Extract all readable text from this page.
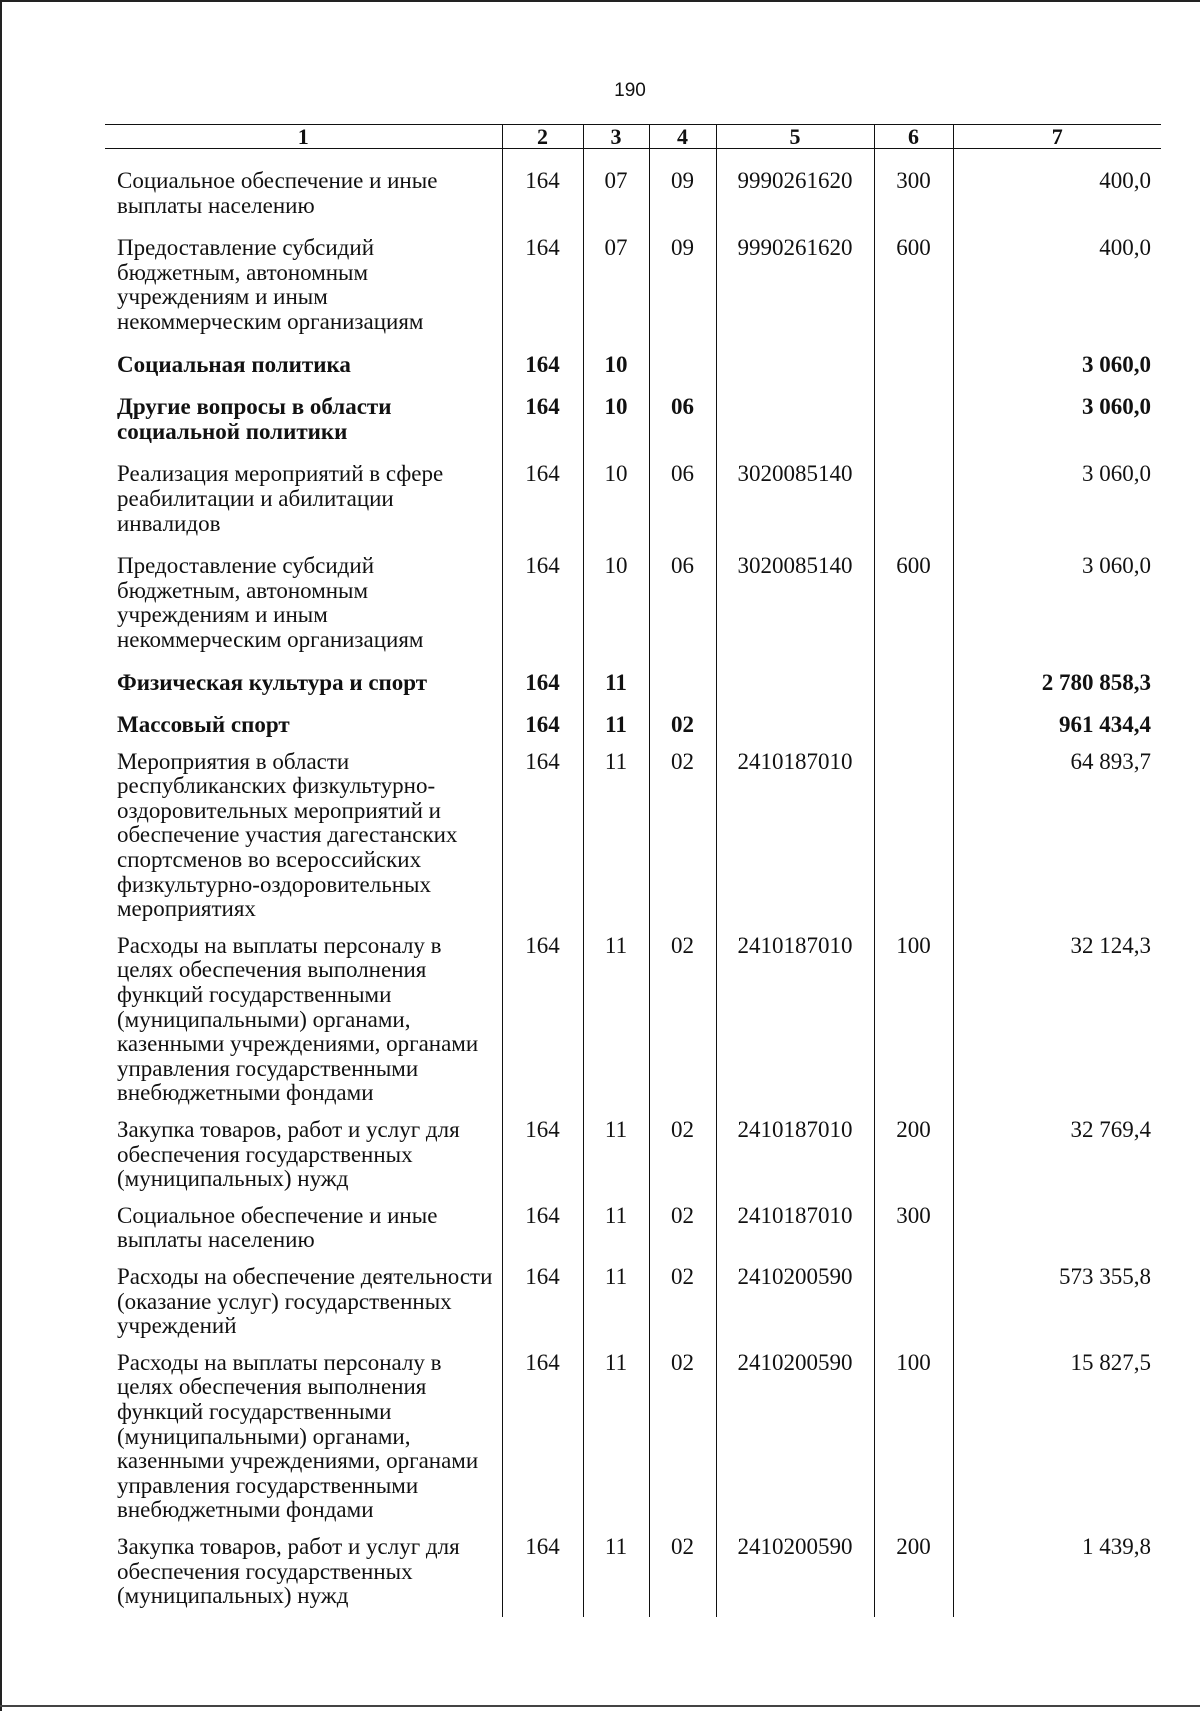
190
1	2	3	4	5	6	7
Социальное обеспечение и иные выплаты населению	164	07	09	9990261620	300	400,0
Предоставление субсидий бюджетным, автономным учреждениям и иным некоммерческим организациям	164	07	09	9990261620	600	400,0
Социальная политика	164	10				3 060,0
Другие вопросы в области социальной политики	164	10	06			3 060,0
Реализация мероприятий в сфере реабилитации и абилитации инвалидов	164	10	06	3020085140		3 060,0
Предоставление субсидий бюджетным, автономным учреждениям и иным некоммерческим организациям	164	10	06	3020085140	600	3 060,0
Физическая культура и спорт	164	11				2 780 858,3
Массовый спорт	164	11	02			961 434,4
Мероприятия в области республиканских физкультурно-оздоровительных мероприятий и обеспечение участия дагестанских спортсменов во всероссийских физкультурно-оздоровительных мероприятиях	164	11	02	2410187010		64 893,7
Расходы на выплаты персоналу в целях обеспечения выполнения функций государственными (муниципальными) органами, казенными учреждениями, органами управления государственными внебюджетными фондами	164	11	02	2410187010	100	32 124,3
Закупка товаров, работ и услуг для обеспечения государственных (муниципальных) нужд	164	11	02	2410187010	200	32 769,4
Социальное обеспечение и иные выплаты населению	164	11	02	2410187010	300	
Расходы на обеспечение деятельности (оказание услуг) государственных учреждений	164	11	02	2410200590		573 355,8
Расходы на выплаты персоналу в целях обеспечения выполнения функций государственными (муниципальными) органами, казенными учреждениями, органами управления государственными внебюджетными фондами	164	11	02	2410200590	100	15 827,5
Закупка товаров, работ и услуг для обеспечения государственных (муниципальных) нужд	164	11	02	2410200590	200	1 439,8
